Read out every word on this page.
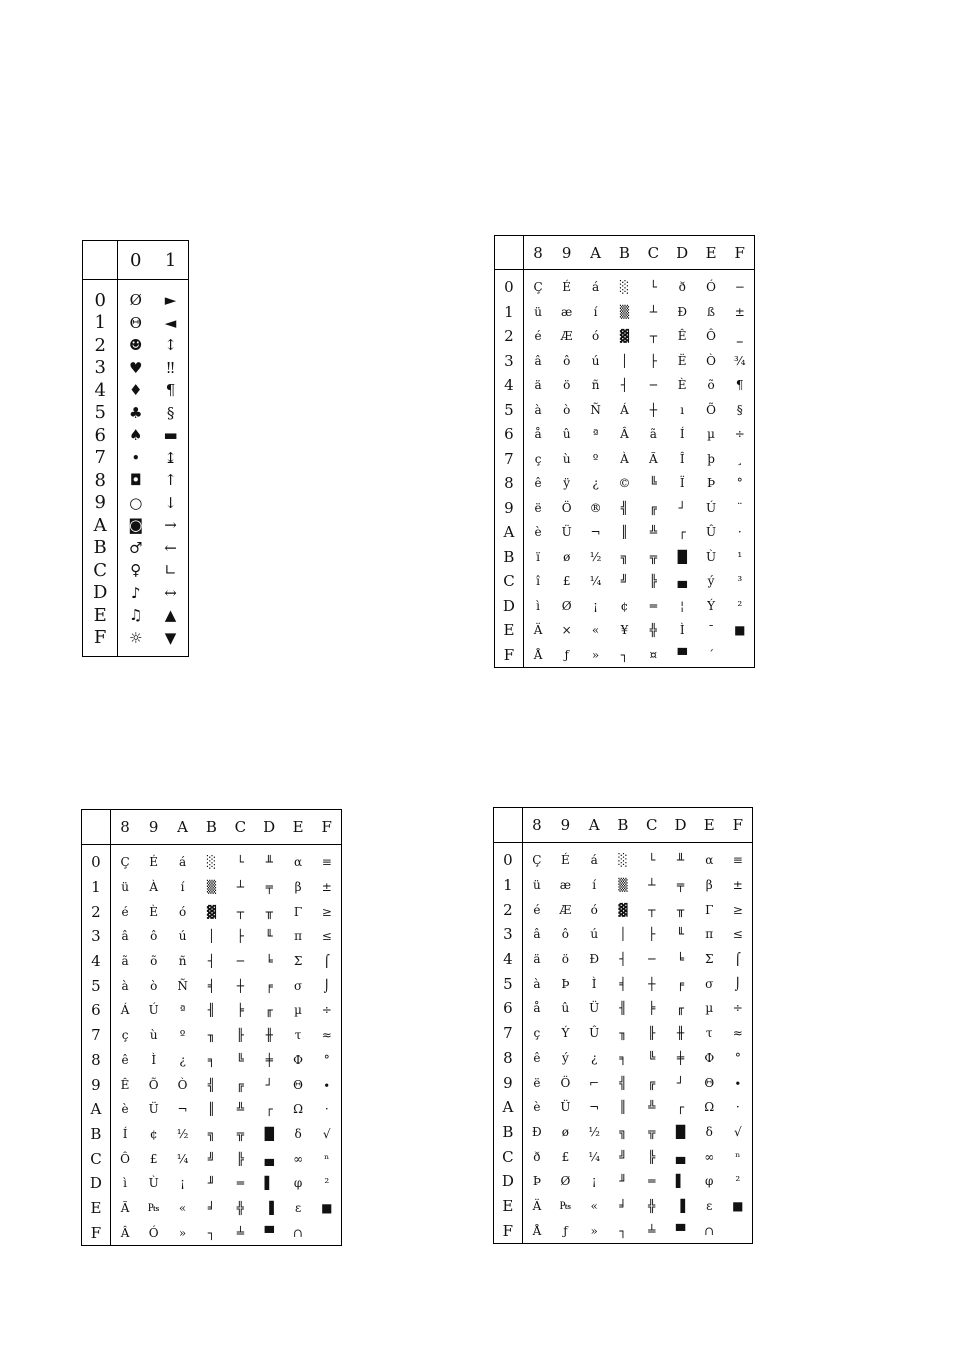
	0	1
0	Ø	►
1	Θ	◄
2	☻	↕
3	♥	‼
4	♦	¶
5	♣	§
6	♠	▬
7	•	↨
8	◘	↑
9	○	↓
A	◙	→
B	♂	←
C	♀	∟
D	♪	↔
E	♫	▲
F	☼	▼
	8	9	A	B	C	D	E	F
0	Ç	É	á	░	└	ð	Ó	−
1	ü	æ	í	▒	┴	Ð	ß	±
2	é	Æ	ó	▓	┬	Ê	Ô	‗
3	â	ô	ú	│	├	Ë	Ò	¾
4	ä	ö	ñ	┤	─	È	õ	¶
5	à	ò	Ñ	Á	┼	ı	Õ	§
6	å	û	ª	Â	ã	Í	µ	÷
7	ç	ù	º	À	Ã	Î	þ	¸
8	ê	ÿ	¿	©	╚	Ï	Þ	°
9	ë	Ö	®	╣	╔	┘	Ú	¨
A	è	Ü	¬	║	╩	┌	Û	·
B	ï	ø	½	╗	╦	█	Ù	¹
C	î	£	¼	╝	╠	▄	ý	³
D	ì	Ø	¡	¢	═	¦	Ý	²
E	Ä	×	«	¥	╬	Ì	¯	■
F	Å	ƒ	»	┐	¤	▀	´	
	8	9	A	B	C	D	E	F
0	Ç	É	á	░	└	╨	α	≡
1	ü	À	í	▒	┴	╤	β	±
2	é	È	ó	▓	┬	╥	Γ	≥
3	â	ô	ú	│	├	╙	π	≤
4	ã	õ	ñ	┤	─	╘	Σ	⌠
5	à	ò	Ñ	╡	┼	╒	σ	⌡
6	Á	Ú	ª	╢	╞	╓	µ	÷
7	ç	ù	º	╖	╟	╫	τ	≈
8	ê	Ì	¿	╕	╚	╪	Φ	°
9	Ê	Õ	Ò	╣	╔	┘	Θ	∙
A	è	Ü	¬	║	╩	┌	Ω	·
B	Í	¢	½	╗	╦	█	δ	√
C	Ô	£	¼	╝	╠	▄	∞	ⁿ
D	ì	Ù	¡	╜	═	▌	φ	²
E	Ã	₧	«	╛	╬	▐	ε	■
F	Â	Ó	»	┐	╧	▀	∩	
	8	9	A	B	C	D	E	F
0	Ç	É	á	░	└	╨	α	≡
1	ü	æ	í	▒	┴	╤	β	±
2	é	Æ	ó	▓	┬	╥	Γ	≥
3	â	ô	ú	│	├	╙	π	≤
4	ä	ö	Ð	┤	─	╘	Σ	⌠
5	à	Þ	Ì	╡	┼	╒	σ	⌡
6	å	û	Ü	╢	╞	╓	µ	÷
7	ç	Ý	Û	╖	╟	╫	τ	≈
8	ê	ý	¿	╕	╚	╪	Φ	°
9	ë	Ö	⌐	╣	╔	┘	Θ	∙
A	è	Ü	¬	║	╩	┌	Ω	·
B	Ð	ø	½	╗	╦	█	δ	√
C	ð	£	¼	╝	╠	▄	∞	ⁿ
D	Þ	Ø	¡	╜	═	▌	φ	²
E	Ä	₧	«	╛	╬	▐	ε	■
F	Å	ƒ	»	┐	╧	▀	∩	
